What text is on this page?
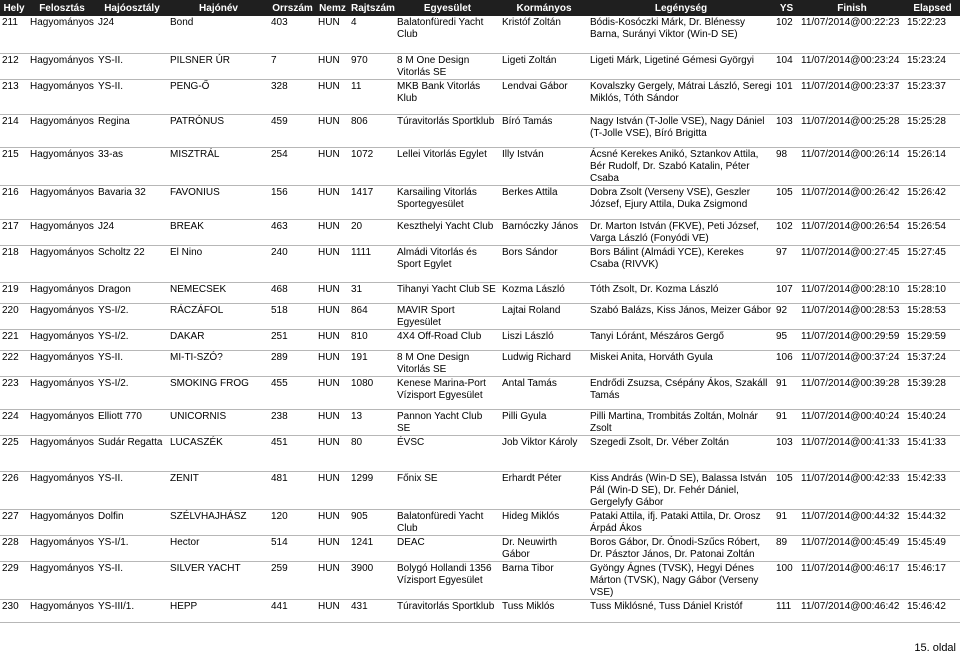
Hely	Felosztás	Hajóosztály	Hajónév	Orrszám	Nemz	Rajtszám	Egyesület	Kormányos	Legénység	YS	Finish	Elapsed
211	Hagyományos	J24	Bond	403	HUN	4	Balatonfüredi Yacht Club	Kristóf Zoltán	Bódis-Kosóczki Márk, Dr. Blénessy Barna, Surányi Viktor (Win-D SE)	102	11/07/2014@00:22:23	15:22:23
212	Hagyományos	YS-II.	PILSNER ÚR	7	HUN	970	8 M One Design Vitorlás SE	Ligeti Zoltán	Ligeti Márk, Ligetiné Gémesi Györgyi	104	11/07/2014@00:23:24	15:23:24
213	Hagyományos	YS-II.	PENG-Ő	328	HUN	11	MKB Bank Vitorlás Klub	Lendvai Gábor	Kovalszky Gergely, Mátrai László, Seregi Miklós, Tóth Sándor	101	11/07/2014@00:23:37	15:23:37
214	Hagyományos	Regina	PATRÓNUS	459	HUN	806	Túravitorlás Sportklub	Bíró Tamás	Nagy István (T-Jolle VSE), Nagy Dániel (T-Jolle VSE), Bíró Brigitta	103	11/07/2014@00:25:28	15:25:28
215	Hagyományos	33-as	MISZTRÁL	254	HUN	1072	Lellei Vitorlás Egylet	Illy István	Ácsné Kerekes Anikó, Sztankov Attila, Bér Rudolf, Dr. Szabó Katalin, Péter Csaba	98	11/07/2014@00:26:14	15:26:14
216	Hagyományos	Bavaria 32	FAVONIUS	156	HUN	1417	Karsailing Vitorlás Sportegyesület	Berkes Attila	Dobra Zsolt (Verseny VSE), Geszler József, Ejury Attila, Duka Zsigmond	105	11/07/2014@00:26:42	15:26:42
217	Hagyományos	J24	BREAK	463	HUN	20	Keszthelyi Yacht Club	Barnóczky János	Dr. Marton István (FKVE), Peti József, Varga László (Fonyódi VE)	102	11/07/2014@00:26:54	15:26:54
218	Hagyományos	Scholtz 22	El Nino	240	HUN	1111	Almádi Vitorlás és Sport Egylet	Bors Sándor	Bors Bálint (Almádi YCE), Kerekes Csaba (RIVVK)	97	11/07/2014@00:27:45	15:27:45
219	Hagyományos	Dragon	NEMECSEK	468	HUN	31	Tihanyi Yacht Club SE	Kozma László	Tóth Zsolt, Dr. Kozma László	107	11/07/2014@00:28:10	15:28:10
220	Hagyományos	YS-I/2.	RÁCZÁFOL	518	HUN	864	MAVIR Sport Egyesület	Lajtai Roland	Szabó Balázs, Kiss János, Meizer Gábor	92	11/07/2014@00:28:53	15:28:53
221	Hagyományos	YS-I/2.	DAKAR	251	HUN	810	4X4 Off-Road Club	Liszi László	Tanyi Lóránt, Mészáros Gergő	95	11/07/2014@00:29:59	15:29:59
222	Hagyományos	YS-II.	MI-TI-SZÓ?	289	HUN	191	8 M One Design Vitorlás SE	Ludwig Richard	Miskei Anita, Horváth Gyula	106	11/07/2014@00:37:24	15:37:24
223	Hagyományos	YS-I/2.	SMOKING FROG	455	HUN	1080	Kenese Marina-Port Vízisport Egyesület	Antal Tamás	Endrődi Zsuzsa, Csépány Ákos, Szakáll Tamás	91	11/07/2014@00:39:28	15:39:28
224	Hagyományos	Elliott 770	UNICORNIS	238	HUN	13	Pannon Yacht Club SE	Pilli Gyula	Pilli Martina, Trombitás Zoltán, Molnár Zsolt	91	11/07/2014@00:40:24	15:40:24
225	Hagyományos	Sudár Regatta	LUCASZÉK	451	HUN	80	ÉVSC	Job Viktor Károly	Szegedi Zsolt, Dr. Véber Zoltán	103	11/07/2014@00:41:33	15:41:33
226	Hagyományos	YS-II.	ZENIT	481	HUN	1299	Főnix SE	Erhardt Péter	Kiss András (Win-D SE), Balassa István Pál (Win-D SE), Dr. Fehér Dániel, Gergelyfy Gábor	105	11/07/2014@00:42:33	15:42:33
227	Hagyományos	Dolfin	SZÉLVHAJHÁSZ	120	HUN	905	Balatonfüredi Yacht Club	Hideg Miklós	Pataki Attila, ifj. Pataki Attila, Dr. Orosz Árpád Ákos	91	11/07/2014@00:44:32	15:44:32
228	Hagyományos	YS-I/1.	Hector	514	HUN	1241	DEAC	Dr. Neuwirth Gábor	Boros Gábor, Dr. Ónodi-Szűcs Róbert, Dr. Pásztor János, Dr. Patonai Zoltán	89	11/07/2014@00:45:49	15:45:49
229	Hagyományos	YS-II.	SILVER YACHT	259	HUN	3900	Bolygó Hollandi 1356 Vízisport Egyesület	Barna Tibor	Gyöngy Ágnes (TVSK), Hegyi Dénes Márton (TVSK), Nagy Gábor (Verseny VSE)	100	11/07/2014@00:46:17	15:46:17
230	Hagyományos	YS-III/1.	HEPP	441	HUN	431	Túravitorlás Sportklub	Tuss Miklós	Tuss Miklósné, Tuss Dániel Kristóf	111	11/07/2014@00:46:42	15:46:42
15. oldal
